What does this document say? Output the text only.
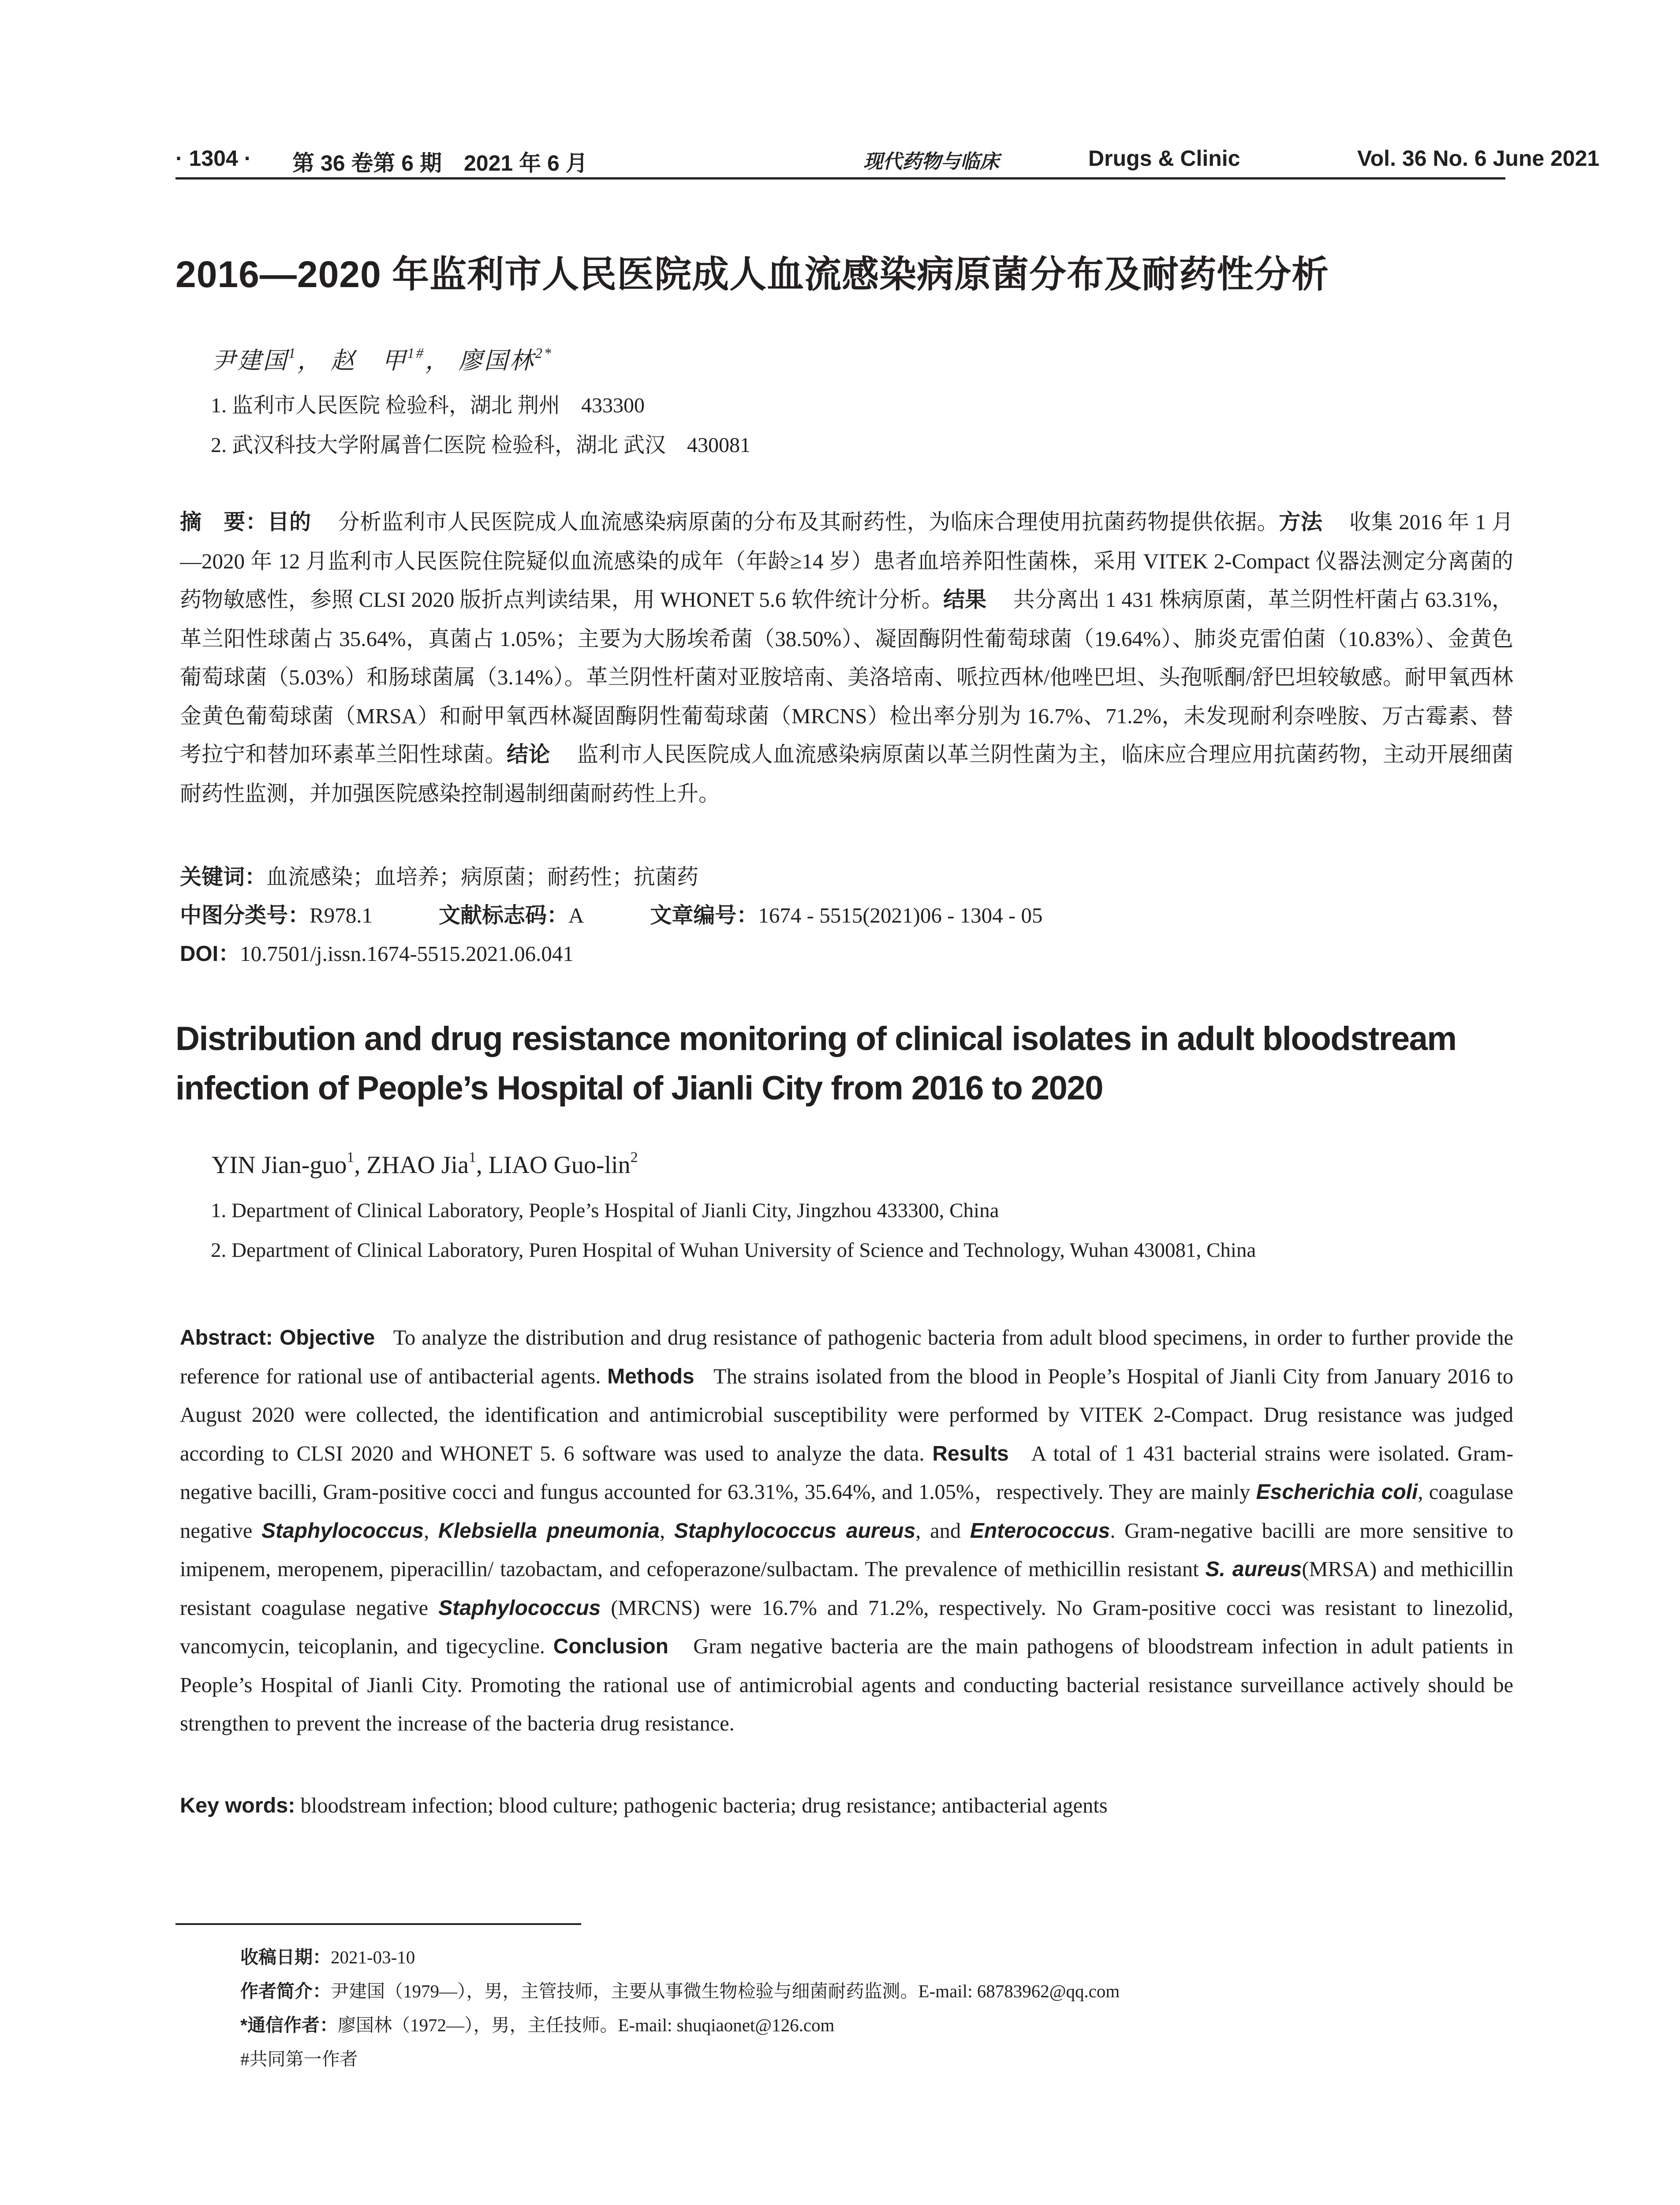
· 1304 · 第 36 卷第 6 期　2021 年 6 月	现代药物与临床	Drugs & Clinic	Vol. 36 No. 6 June 2021
2016—2020 年监利市人民医院成人血流感染病原菌分布及耐药性分析
尹建国$^1$， 赵　甲$^{1\#}$， 廖国林$^{2*}$
1. 监利市人民医院 检验科，湖北 荆州　433300
2. 武汉科技大学附属普仁医院 检验科，湖北 武汉　430081
摘　要：目的 分析监利市人民医院成人血流感染病原菌的分布及其耐药性，为临床合理使用抗菌药物提供依据。方法 收集 2016 年 1 月—2020 年 12 月监利市人民医院住院疑似血流感染的成年（年龄≥14 岁）患者血培养阳性菌株，采用 VITEK 2-Compact 仪器法测定分离菌的药物敏感性，参照 CLSI 2020 版折点判读结果，用 WHONET 5.6 软件统计分析。结果 共分离出 1 431 株病原菌，革兰阴性杆菌占 63.31%，革兰阳性球菌占 35.64%，真菌占 1.05%；主要为大肠埃希菌（38.50%）、凝固酶阴性葡萄球菌（19.64%）、肺炎克雷伯菌（10.83%）、金黄色葡萄球菌（5.03%）和肠球菌属（3.14%）。革兰阴性杆菌对亚胺培南、美洛培南、哌拉西林/他唑巴坦、头孢哌酮/舒巴坦较敏感。耐甲氧西林金黄色葡萄球菌（MRSA）和耐甲氧西林凝固酶阴性葡萄球菌（MRCNS）检出率分别为 16.7%、71.2%，未发现耐利奈唑胺、万古霉素、替考拉宁和替加环素革兰阳性球菌。结论 监利市人民医院成人血流感染病原菌以革兰阴性菌为主，临床应合理应用抗菌药物，主动开展细菌耐药性监测，并加强医院感染控制遏制细菌耐药性上升。
关键词：血流感染；血培养；病原菌；耐药性；抗菌药
中图分类号：R978.1	文献标志码：A	文章编号：1674 - 5515(2021)06 - 1304 - 05
DOI：10.7501/j.issn.1674-5515.2021.06.041
Distribution and drug resistance monitoring of clinical isolates in adult bloodstream infection of People’s Hospital of Jianli City from 2016 to 2020
YIN Jian-guo$^1$, ZHAO Jia$^1$, LIAO Guo-lin$^2$
1. Department of Clinical Laboratory, People’s Hospital of Jianli City, Jingzhou 433300, China
2. Department of Clinical Laboratory, Puren Hospital of Wuhan University of Science and Technology, Wuhan 430081, China
Abstract: Objective To analyze the distribution and drug resistance of pathogenic bacteria from adult blood specimens, in order to further provide the reference for rational use of antibacterial agents. Methods The strains isolated from the blood in People’s Hospital of Jianli City from January 2016 to August 2020 were collected, the identification and antimicrobial susceptibility were performed by VITEK 2-Compact. Drug resistance was judged according to CLSI 2020 and WHONET 5. 6 software was used to analyze the data. Results A total of 1 431 bacterial strains were isolated. Gram-negative bacilli, Gram-positive cocci and fungus accounted for 63.31%, 35.64%, and 1.05%，respectively. They are mainly Escherichia coli, coagulase negative Staphylococcus, Klebsiella pneumonia, Staphylococcus aureus, and Enterococcus. Gram-negative bacilli are more sensitive to imipenem, meropenem, piperacillin/ tazobactam, and cefoperazone/sulbactam. The prevalence of methicillin resistant S. aureus(MRSA) and methicillin resistant coagulase negative Staphylococcus (MRCNS) were 16.7% and 71.2%, respectively. No Gram-positive cocci was resistant to linezolid, vancomycin, teicoplanin, and tigecycline. Conclusion Gram negative bacteria are the main pathogens of bloodstream infection in adult patients in People’s Hospital of Jianli City. Promoting the rational use of antimicrobial agents and conducting bacterial resistance surveillance actively should be strengthen to prevent the increase of the bacteria drug resistance.
Key words: bloodstream infection; blood culture; pathogenic bacteria; drug resistance; antibacterial agents
收稿日期：2021-03-10
作者简介：尹建国（1979—），男，主管技师，主要从事微生物检验与细菌耐药监测。E-mail: 68783962@qq.com
*通信作者：廖国林（1972—），男，主任技师。E-mail: shuqiaonet@126.com
#共同第一作者
